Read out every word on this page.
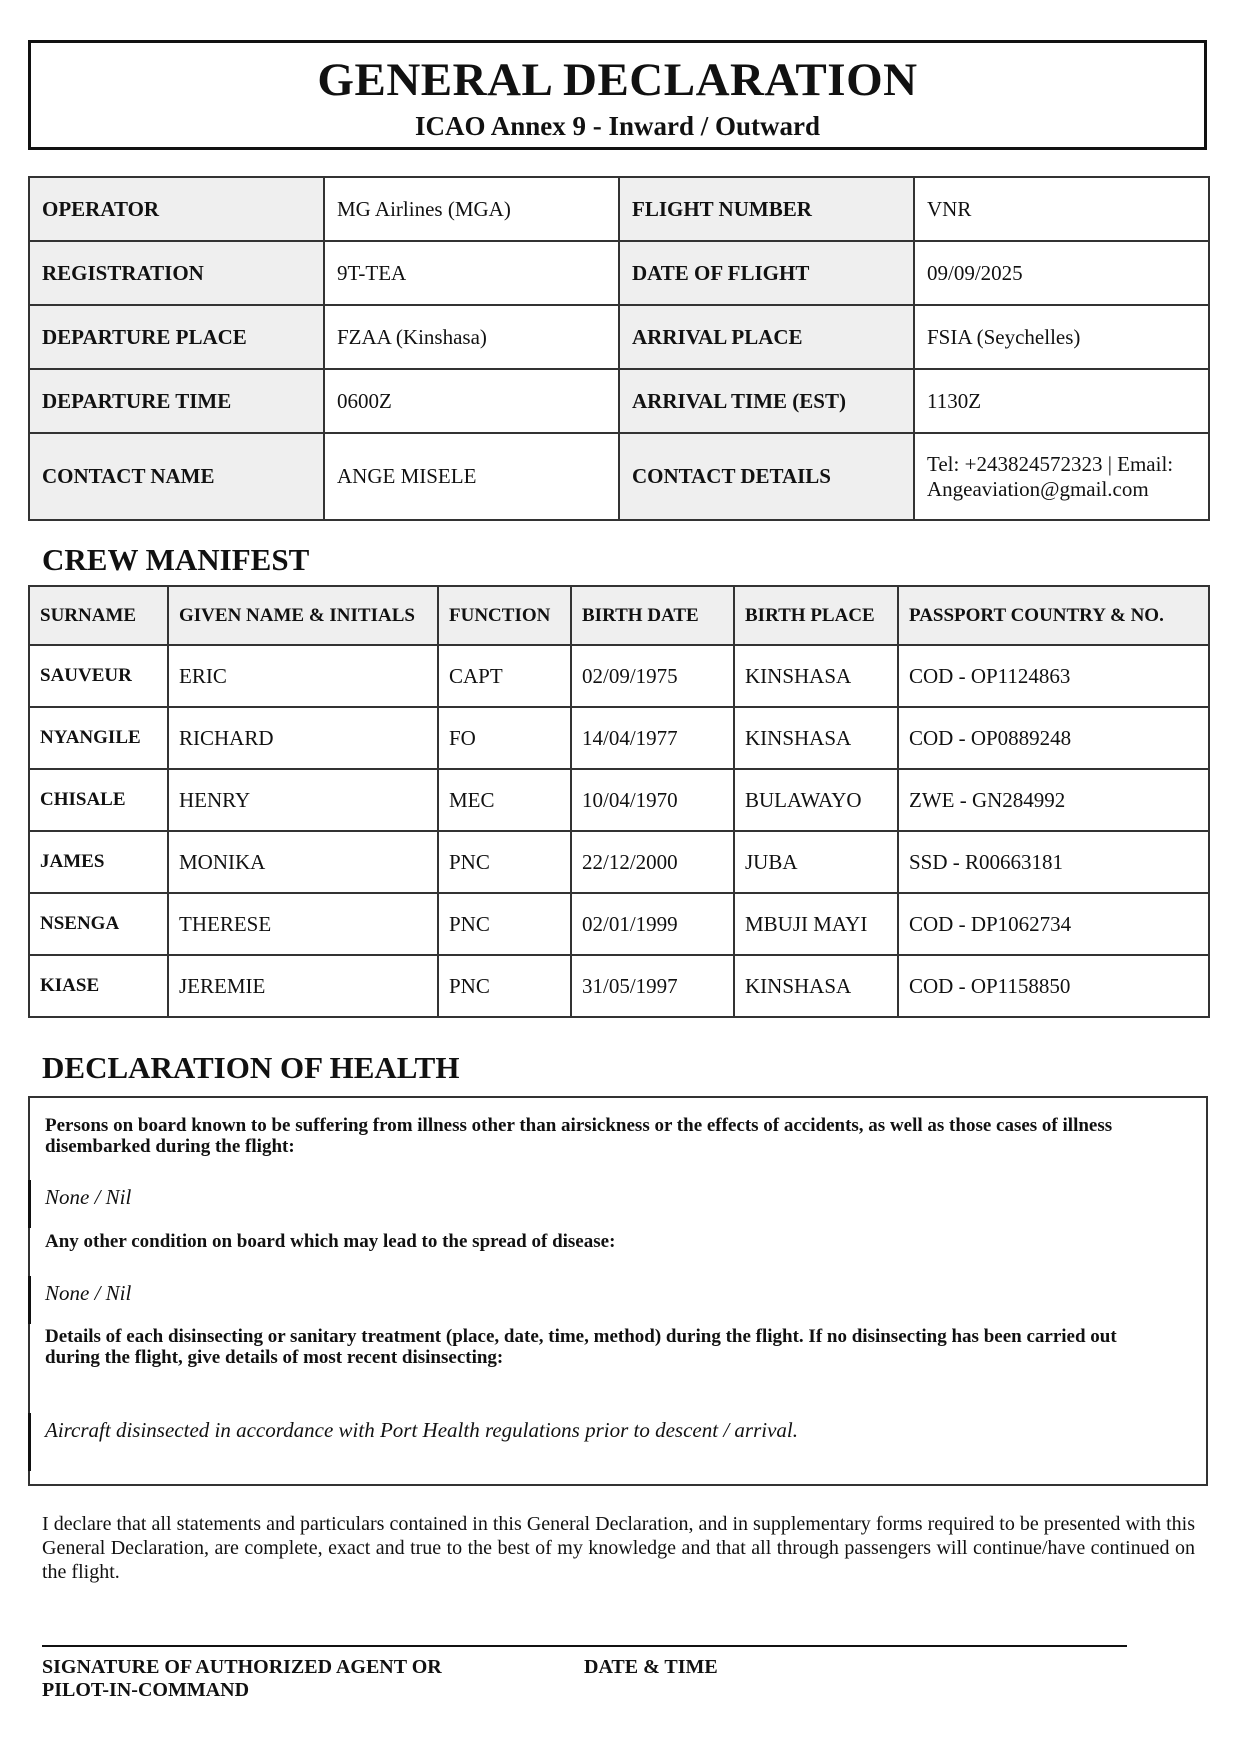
GENERAL DECLARATION
ICAO Annex 9 - Inward / Outward
OPERATOR	MG Airlines (MGA)	FLIGHT NUMBER	VNR
REGISTRATION	9T-TEA	DATE OF FLIGHT	09/09/2025
DEPARTURE PLACE	FZAA (Kinshasa)	ARRIVAL PLACE	FSIA (Seychelles)
DEPARTURE TIME	0600Z	ARRIVAL TIME (EST)	1130Z
CONTACT NAME	ANGE MISELE	CONTACT DETAILS	Tel: +243824572323 | Email: Angeaviation@gmail.com
CREW MANIFEST
SURNAME	GIVEN NAME & INITIALS	FUNCTION	BIRTH DATE	BIRTH PLACE	PASSPORT COUNTRY & NO.
SAUVEUR	ERIC	CAPT	02/09/1975	KINSHASA	COD - OP1124863
NYANGILE	RICHARD	FO	14/04/1977	KINSHASA	COD - OP0889248
CHISALE	HENRY	MEC	10/04/1970	BULAWAYO	ZWE - GN284992
JAMES	MONIKA	PNC	22/12/2000	JUBA	SSD - R00663181
NSENGA	THERESE	PNC	02/01/1999	MBUJI MAYI	COD - DP1062734
KIASE	JEREMIE	PNC	31/05/1997	KINSHASA	COD - OP1158850
DECLARATION OF HEALTH
Persons on board known to be suffering from illness other than airsickness or the effects of accidents, as well as those cases of illness disembarked during the flight:
None / Nil
Any other condition on board which may lead to the spread of disease:
None / Nil
Details of each disinsecting or sanitary treatment (place, date, time, method) during the flight. If no disinsecting has been carried out during the flight, give details of most recent disinsecting:
Aircraft disinsected in accordance with Port Health regulations prior to descent / arrival.
I declare that all statements and particulars contained in this General Declaration, and in supplementary forms required to be presented with this General Declaration, are complete, exact and true to the best of my knowledge and that all through passengers will continue/have continued on the flight.
SIGNATURE OF AUTHORIZED AGENT OR PILOT-IN-COMMAND
DATE & TIME
